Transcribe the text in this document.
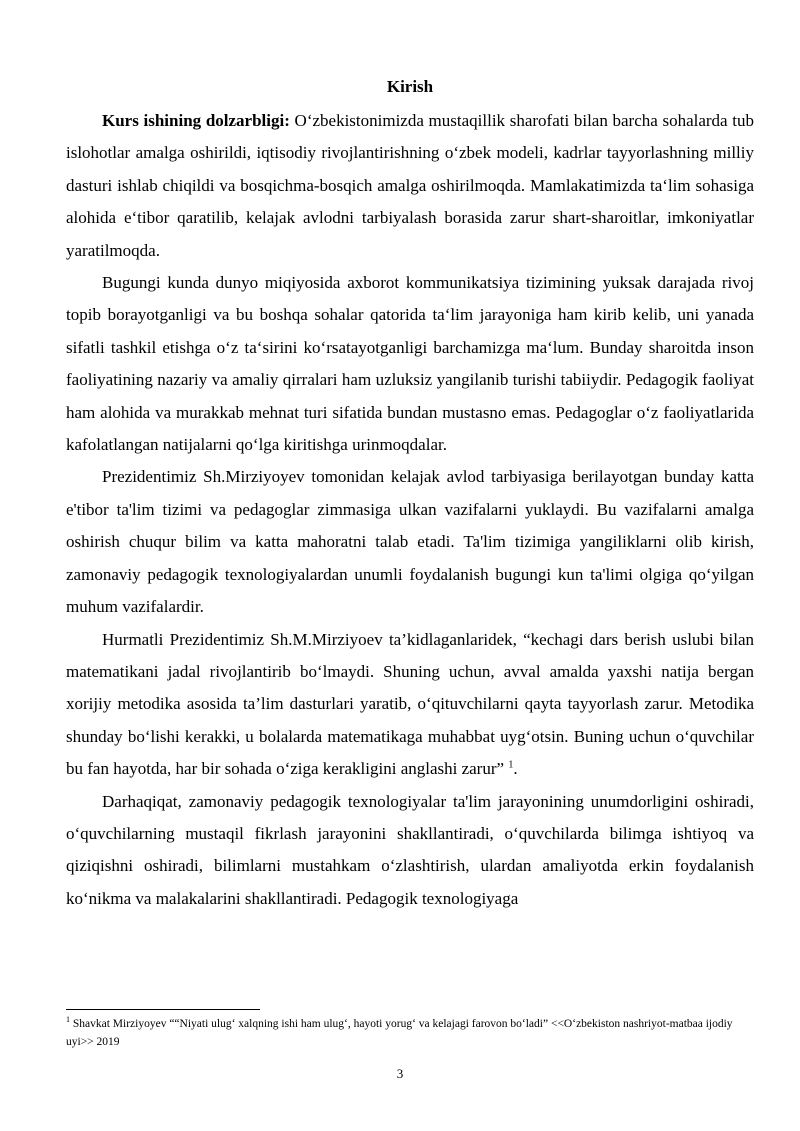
Kirish

Kurs ishining dolzarbligi: O‘zbekistonimizda mustaqillik sharofati bilan barcha sohalarda tub islohotlar amalga oshirildi, iqtisodiy rivojlantirishning o‘zbek modeli, kadrlar tayyorlashning milliy dasturi ishlab chiqildi va bosqichma-bosqich amalga oshirilmoqda. Mamlakatimizda ta‘lim sohasiga alohida e‘tibor qaratilib, kelajak avlodni tarbiyalash borasida zarur shart-sharoitlar, imkoniyatlar yaratilmoqda.

Bugungi kunda dunyo miqiyosida axborot kommunikatsiya tizimining yuksak darajada rivoj topib borayotganligi va bu boshqa sohalar qatorida ta‘lim jarayoniga ham kirib kelib, uni yanada sifatli tashkil etishga o‘z ta‘sirini ko‘rsatayotganligi barchamizga ma‘lum. Bunday sharoitda inson faoliyatining nazariy va amaliy qirralari ham uzluksiz yangilanib turishi tabiiydir. Pedagogik faoliyat ham alohida va murakkab mehnat turi sifatida bundan mustasno emas. Pedagoglar o‘z faoliyatlarida kafolatlangan natijalarni qo‘lga kiritishga urinmoqdalar.

Prezidentimiz Sh.Mirziyoyev tomonidan kelajak avlod tarbiyasiga berilayotgan bunday katta e'tibor ta'lim tizimi va pedagoglar zimmasiga ulkan vazifalarni yuklaydi. Bu vazifalarni amalga oshirish chuqur bilim va katta mahoratni talab etadi. Ta'lim tizimiga yangiliklarni olib kirish, zamonaviy pedagogik texnologiyalardan unumli foydalanish bugungi kun ta'limi olgiga qo‘yilgan muhum vazifalardir.

Hurmatli Prezidentimiz Sh.M.Mirziyoev ta’kidlaganlaridek, “kechagi dars berish uslubi bilan matematikani jadal rivojlantirib bo‘lmaydi. Shuning uchun, avval amalda yaxshi natija bergan xorijiy metodika asosida ta’lim dasturlari yaratib, o‘qituvchilarni qayta tayyorlash zarur. Metodika shunday bo‘lishi kerakki, u bolalarda matematikaga muhabbat uyg‘otsin. Buning uchun o‘quvchilar bu fan hayotda, har bir sohada o‘ziga kerakligini anglashi zarur” $^1$.

Darhaqiqat, zamonaviy pedagogik texnologiyalar ta'lim jarayonining unumdorligini oshiradi, o‘quvchilarning mustaqil fikrlash jarayonini shakllantiradi, o‘quvchilarda bilimga ishtiyoq va qiziqishni oshiradi, bilimlarni mustahkam o‘zlashtirish, ulardan amaliyotda erkin foydalanish ko‘nikma va malakalarini shakllantiradi. Pedagogik texnologiyaga

$^1$ Shavkat Mirziyoyev ““Niyati ulug‘ xalqning ishi ham ulug‘, hayoti yorug‘ va kelajagi farovon bo‘ladi” <<O‘zbekiston nashriyot-matbaa ijodiy uyi>> 2019
3
